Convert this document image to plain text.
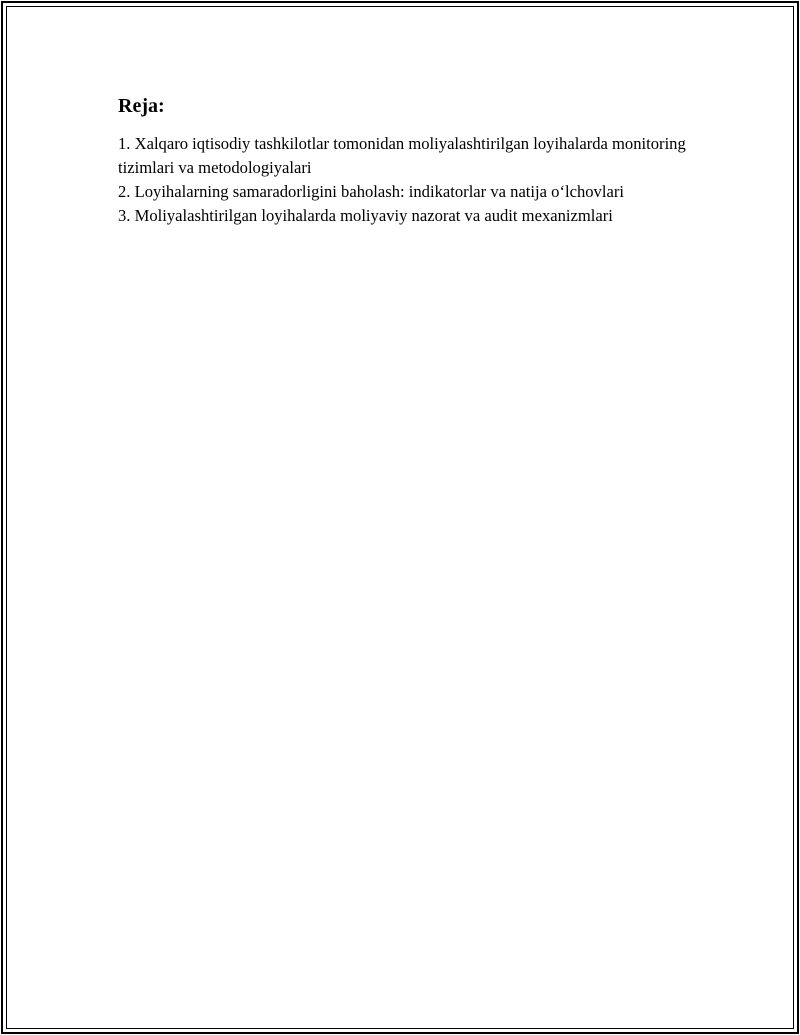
Reja:
1. Xalqaro iqtisodiy tashkilotlar tomonidan moliyalashtirilgan loyihalarda monitoring tizimlari va metodologiyalari
2. Loyihalarning samaradorligini baholash: indikatorlar va natija o‘lchovlari
3. Moliyalashtirilgan loyihalarda moliyaviy nazorat va audit mexanizmlari
